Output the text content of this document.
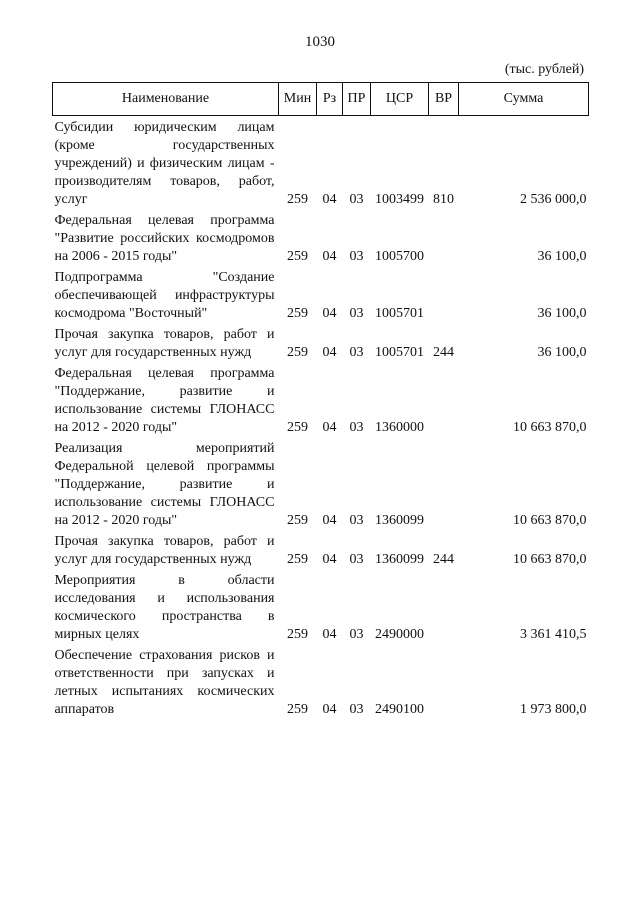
1030
(тыс. рублей)
Наименование	Мин	Рз	ПР	ЦСР	ВР	Сумма
Субсидии юридическим лицам (кроме государственных учреждений) и физическим лицам - производителям товаров, работ, услуг	259	04	03	1003499	810	2 536 000,0
Федеральная целевая программа "Развитие российских космодромов на 2006 - 2015 годы"	259	04	03	1005700		36 100,0
Подпрограмма "Создание обеспечивающей инфраструктуры космодрома "Восточный"	259	04	03	1005701		36 100,0
Прочая закупка товаров, работ и услуг для государственных нужд	259	04	03	1005701	244	36 100,0
Федеральная целевая программа "Поддержание, развитие и использование системы ГЛОНАСС на 2012 - 2020 годы"	259	04	03	1360000		10 663 870,0
Реализация мероприятий Федеральной целевой программы "Поддержание, развитие и использование системы ГЛОНАСС на 2012 - 2020 годы"	259	04	03	1360099		10 663 870,0
Прочая закупка товаров, работ и услуг для государственных нужд	259	04	03	1360099	244	10 663 870,0
Мероприятия в области исследования и использования космического пространства в мирных целях	259	04	03	2490000		3 361 410,5
Обеспечение страхования рисков и ответственности при запусках и летных испытаниях космических аппаратов	259	04	03	2490100		1 973 800,0
